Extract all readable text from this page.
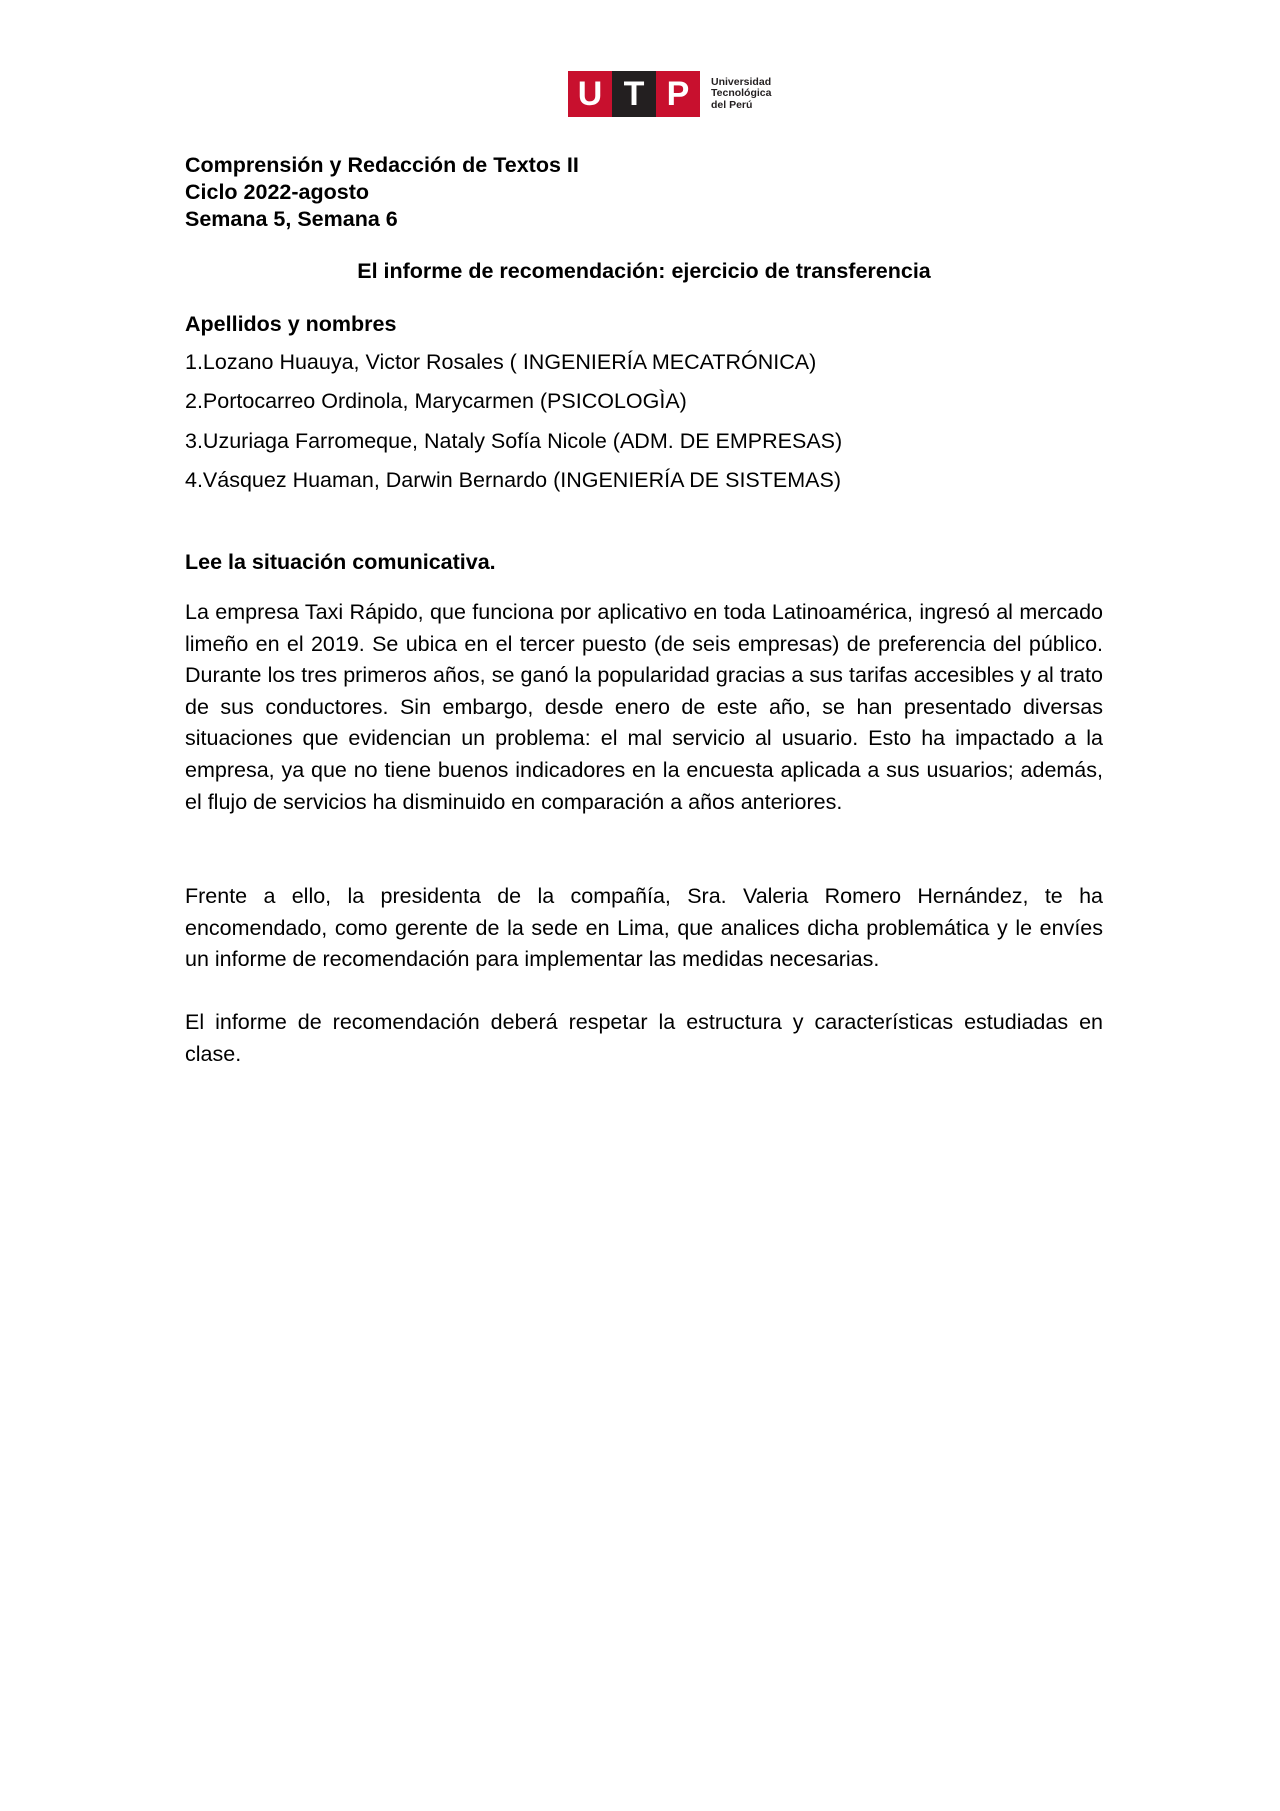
U T P	Universidad
Tecnológica
del Perú
Comprensión y Redacción de Textos II
Ciclo 2022-agosto
Semana 5, Semana 6
El informe de recomendación: ejercicio de transferencia
Apellidos y nombres
1.Lozano Huauya, Victor Rosales ( INGENIERÍA MECATRÓNICA)
2.Portocarreo Ordinola, Marycarmen (PSICOLOGÌA)
3.Uzuriaga Farromeque, Nataly Sofía Nicole (ADM. DE EMPRESAS)
4.Vásquez Huaman, Darwin Bernardo (INGENIERÍA DE SISTEMAS)
Lee la situación comunicativa.
La empresa Taxi Rápido, que funciona por aplicativo en toda Latinoamérica, ingresó al mercado limeño en el 2019. Se ubica en el tercer puesto (de seis empresas) de preferencia del público. Durante los tres primeros años, se ganó la popularidad gracias a sus tarifas accesibles y al trato de sus conductores. Sin embargo, desde enero de este año, se han presentado diversas situaciones que evidencian un problema: el mal servicio al usuario. Esto ha impactado a la empresa, ya que no tiene buenos indicadores en la encuesta aplicada a sus usuarios; además, el flujo de servicios ha disminuido en comparación a años anteriores.
Frente a ello, la presidenta de la compañía, Sra. Valeria Romero Hernández, te ha encomendado, como gerente de la sede en Lima, que analices dicha problemática y le envíes un informe de recomendación para implementar las medidas necesarias.
El informe de recomendación deberá respetar la estructura y características estudiadas en clase.
